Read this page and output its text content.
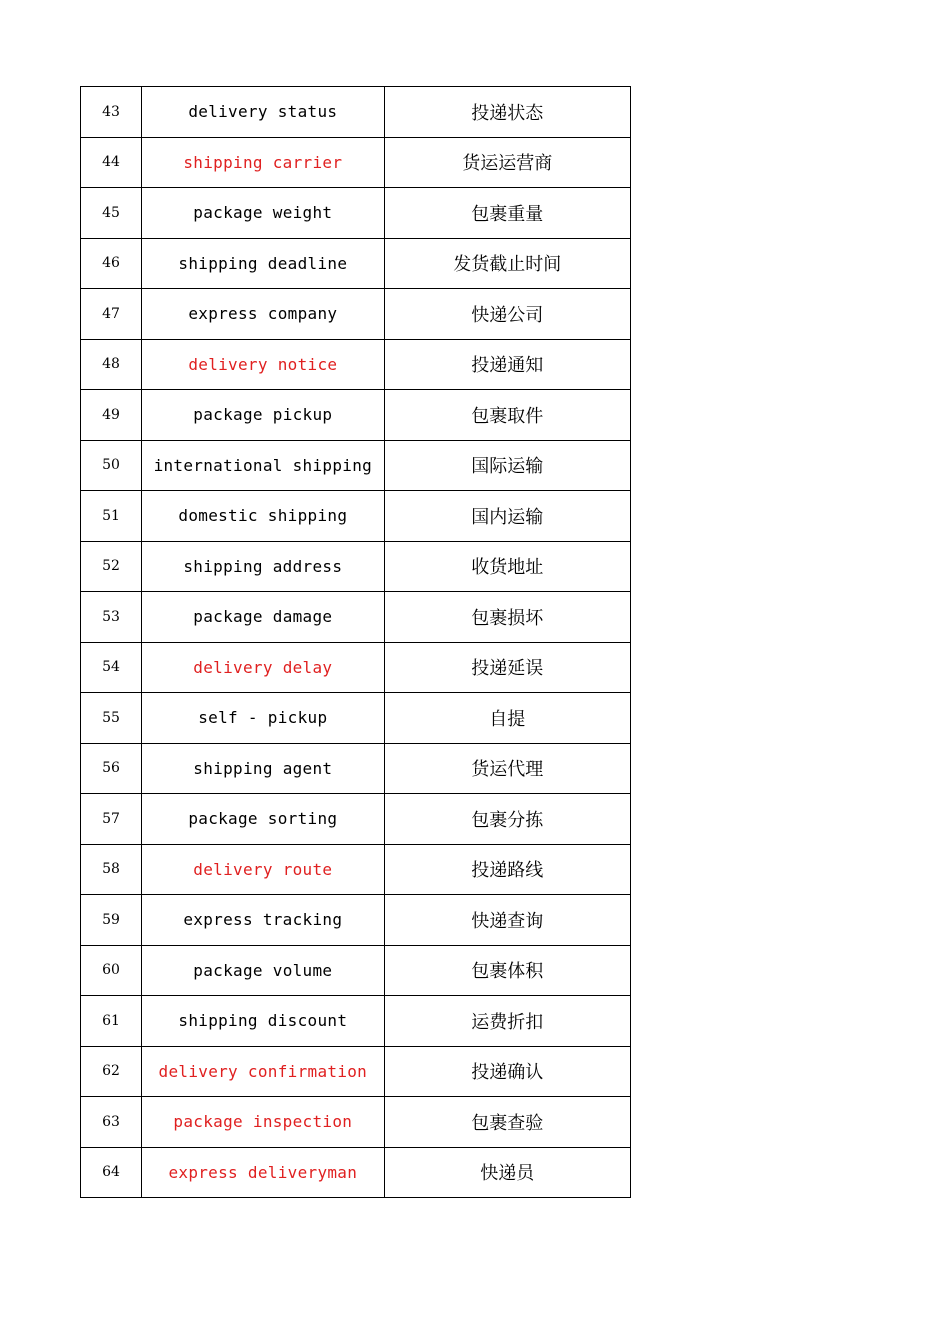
43	delivery status	投递状态
44	shipping carrier	货运运营商
45	package weight	包裹重量
46	shipping deadline	发货截止时间
47	express company	快递公司
48	delivery notice	投递通知
49	package pickup	包裹取件
50	international shipping	国际运输
51	domestic shipping	国内运输
52	shipping address	收货地址
53	package damage	包裹损坏
54	delivery delay	投递延误
55	self - pickup	自提
56	shipping agent	货运代理
57	package sorting	包裹分拣
58	delivery route	投递路线
59	express tracking	快递查询
60	package volume	包裹体积
61	shipping discount	运费折扣
62	delivery confirmation	投递确认
63	package inspection	包裹查验
64	express deliveryman	快递员
